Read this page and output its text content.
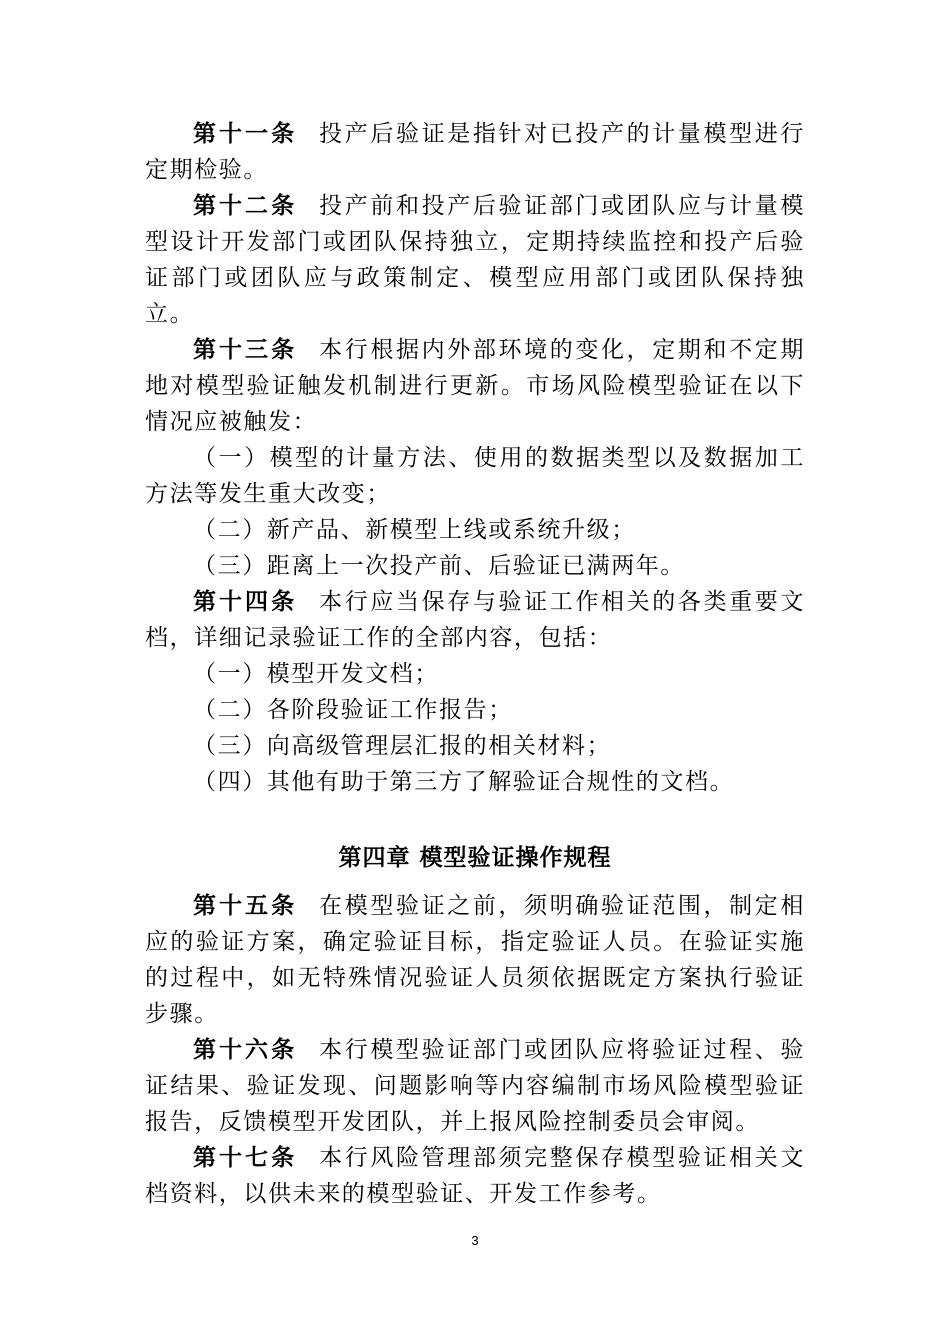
第十一条 投产后验证是指针对已投产的计量模型进行定期检验。

第十二条 投产前和投产后验证部门或团队应与计量模型设计开发部门或团队保持独立，定期持续监控和投产后验证部门或团队应与政策制定、模型应用部门或团队保持独立。

第十三条 本行根据内外部环境的变化，定期和不定期地对模型验证触发机制进行更新。市场风险模型验证在以下情况应被触发：

（一）模型的计量方法、使用的数据类型以及数据加工方法等发生重大改变；

（二）新产品、新模型上线或系统升级；

（三）距离上一次投产前、后验证已满两年。

第十四条 本行应当保存与验证工作相关的各类重要文档，详细记录验证工作的全部内容，包括：

（一）模型开发文档；

（二）各阶段验证工作报告；

（三）向高级管理层汇报的相关材料；

（四）其他有助于第三方了解验证合规性的文档。

第四章 模型验证操作规程

第十五条 在模型验证之前，须明确验证范围，制定相应的验证方案，确定验证目标，指定验证人员。在验证实施的过程中，如无特殊情况验证人员须依据既定方案执行验证步骤。

第十六条 本行模型验证部门或团队应将验证过程、验证结果、验证发现、问题影响等内容编制市场风险模型验证报告，反馈模型开发团队，并上报风险控制委员会审阅。

第十七条 本行风险管理部须完整保存模型验证相关文档资料，以供未来的模型验证、开发工作参考。

3
